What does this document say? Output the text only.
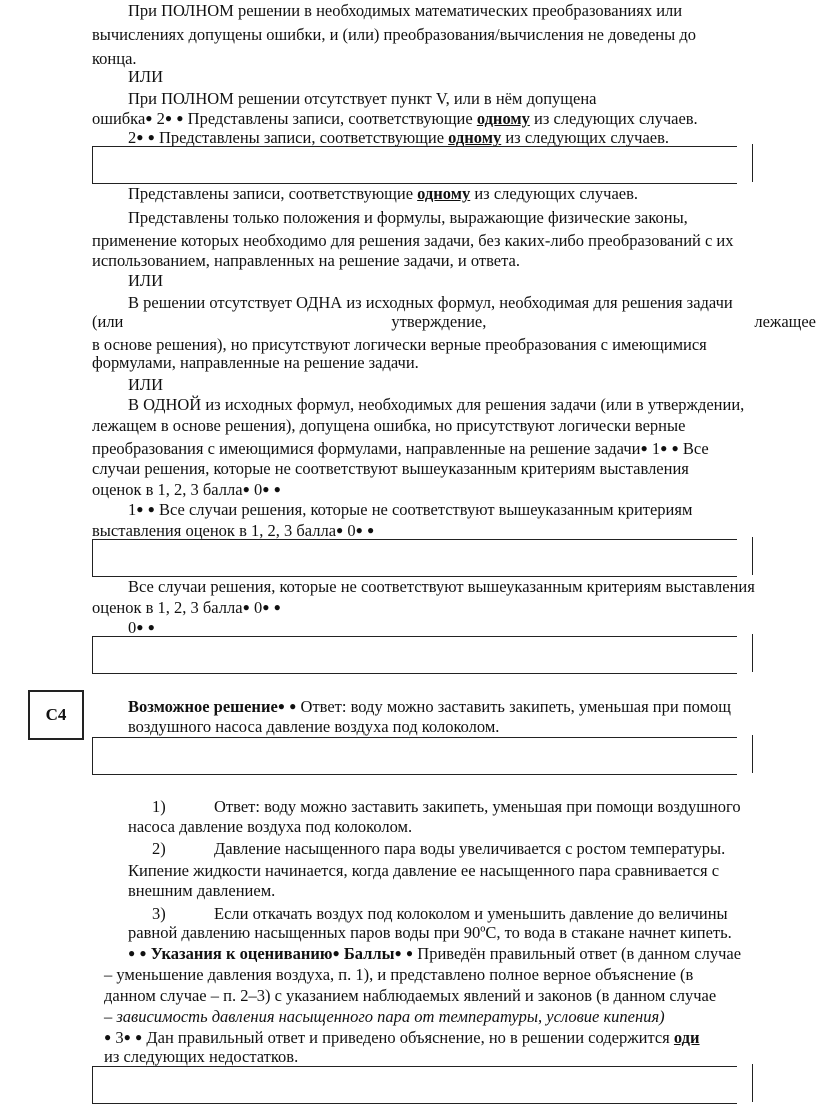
При ПОЛНОМ решении в необходимых математических преобразованиях или
вычислениях допущены ошибки, и (или) преобразования/вычисления не доведены до
конца.
ИЛИ
При ПОЛНОМ решении отсутствует пункт V, или в нём допущена
ошибка● 2● ● Представлены записи, соответствующие одному из следующих случаев.
2● ● Представлены записи, соответствующие одному из следующих случаев.
Представлены записи, соответствующие одному из следующих случаев.
Представлены только положения и формулы, выражающие физические законы,
применение которых необходимо для решения задачи, без каких-либо преобразований с их
использованием, направленных на решение задачи, и ответа.
ИЛИ
В решении отсутствует ОДНА из исходных формул, необходимая для решения задачи
(или	утверждение,	лежащее
в основе решения), но присутствуют логически верные преобразования с имеющимися
формулами, направленные на решение задачи.
ИЛИ
В ОДНОЙ из исходных формул, необходимых для решения задачи (или в утверждении,
лежащем в основе решения), допущена ошибка, но присутствуют логически верные
преобразования с имеющимися формулами, направленные на решение задачи● 1● ● Все
случаи решения, которые не соответствуют вышеуказанным критериям выставления
оценок в 1, 2, 3 балла● 0● ●
1● ● Все случаи решения, которые не соответствуют вышеуказанным критериям
выставления оценок в 1, 2, 3 балла● 0● ●
Все случаи решения, которые не соответствуют вышеуказанным критериям выставления
оценок в 1, 2, 3 балла● 0● ●
0● ●
С4	Возможное решение● ● Ответ: воду можно заставить закипеть, уменьшая при помощ
воздушного насоса давление воздуха под колоколом.
1)	Ответ: воду можно заставить закипеть, уменьшая при помощи воздушного
насоса давление воздуха под колоколом.
2)	Давление насыщенного пара воды увеличивается с ростом температуры.
Кипение жидкости начинается, когда давление ее насыщенного пара сравнивается с
внешним давлением.
3)	Если откачать воздух под колоколом и уменьшить давление до величины
равной давлению насыщенных паров воды при 90ºС, то вода в стакане начнет кипеть.
● ● Указания к оцениванию● Баллы● ● Приведён правильный ответ (в данном случае
– уменьшение давления воздуха, п. 1), и представлено полное верное объяснение (в
данном случае – п. 2–3) с указанием наблюдаемых явлений и законов (в данном случае
– зависимость давления насыщенного пара от температуры, условие кипения)
● 3● ● Дан правильный ответ и приведено объяснение, но в решении содержится оди
из следующих недостатков.
